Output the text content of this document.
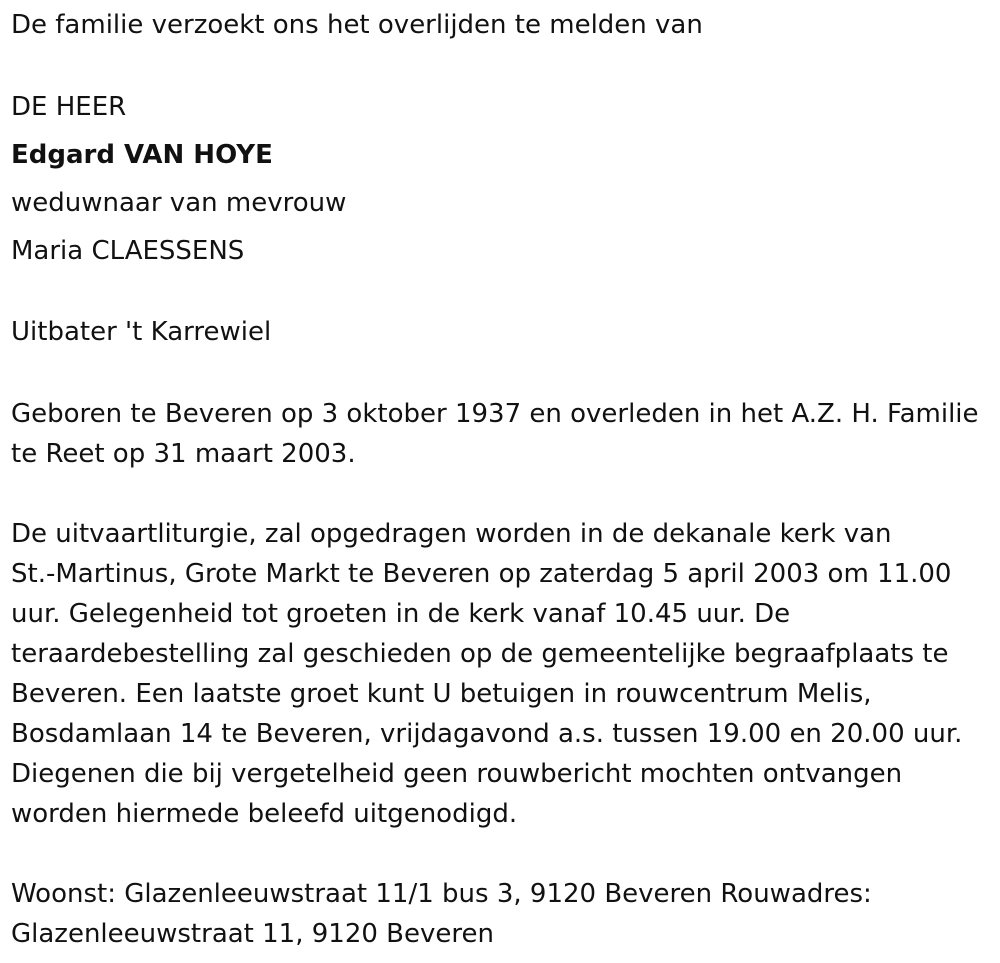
De familie verzoekt ons het overlijden te melden van

DE HEER

Edgard VAN HOYE

weduwnaar van mevrouw

Maria CLAESSENS

Uitbater 't Karrewiel

Geboren te Beveren op 3 oktober 1937 en overleden in het A.Z. H. Familie
te Reet op 31 maart 2003.
De uitvaartliturgie, zal opgedragen worden in de dekanale kerk van
St.-Martinus, Grote Markt te Beveren op zaterdag 5 april 2003 om 11.00
uur. Gelegenheid tot groeten in de kerk vanaf 10.45 uur. De
teraardebestelling zal geschieden op de gemeentelijke begraafplaats te
Beveren. Een laatste groet kunt U betuigen in rouwcentrum Melis,
Bosdamlaan 14 te Beveren, vrijdagavond a.s. tussen 19.00 en 20.00 uur.
Diegenen die bij vergetelheid geen rouwbericht mochten ontvangen
worden hiermede beleefd uitgenodigd.
Woonst: Glazenleeuwstraat 11/1 bus 3, 9120 Beveren Rouwadres:
Glazenleeuwstraat 11, 9120 Beveren
